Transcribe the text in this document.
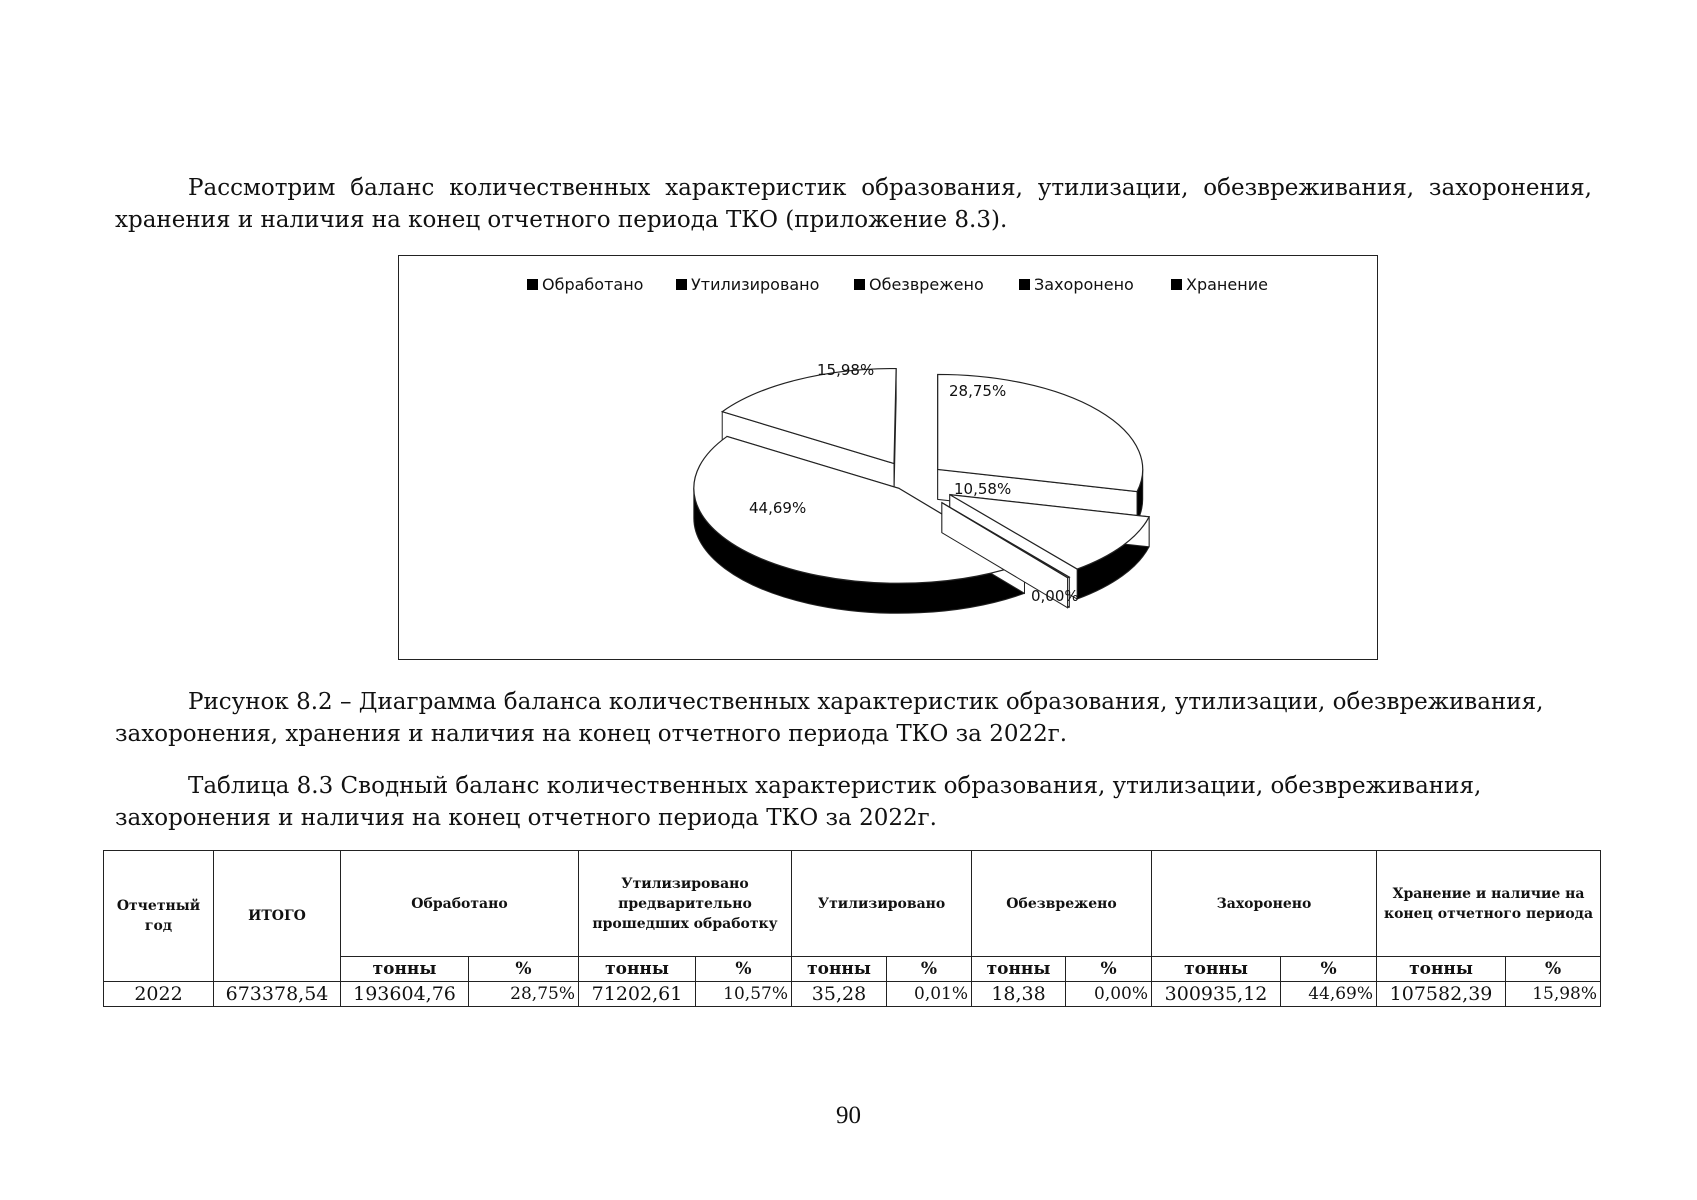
Рассмотрим баланс количественных характеристик образования, утилизации, обезвреживания, захоронения,
хранения и наличия на конец отчетного периода ТКО (приложение 8.3).

Обработано	Утилизировано	Обезврежено	Захоронено	Хранение
28,75%
10,58%
0,00%
44,69%
15,98%

Рисунок 8.2 – Диаграмма баланса количественных характеристик образования, утилизации, обезвреживания,
захоронения, хранения и наличия на конец отчетного периода ТКО за 2022г.

Таблица 8.3 Сводный баланс количественных характеристик образования, утилизации, обезвреживания,
захоронения и наличия на конец отчетного периода ТКО за 2022г.

Отчетный год	ИТОГО	Обработано		Утилизировано предварительно прошедших обработку		Утилизировано		Обезврежено		Захоронено		Хранение и наличие на конец отчетного периода	
		тонны	%	тонны	%	тонны	%	тонны	%	тонны	%	тонны	%
2022	673378,54	193604,76	28,75%	71202,61	10,57%	35,28	0,01%	18,38	0,00%	300935,12	44,69%	107582,39	15,98%
90
